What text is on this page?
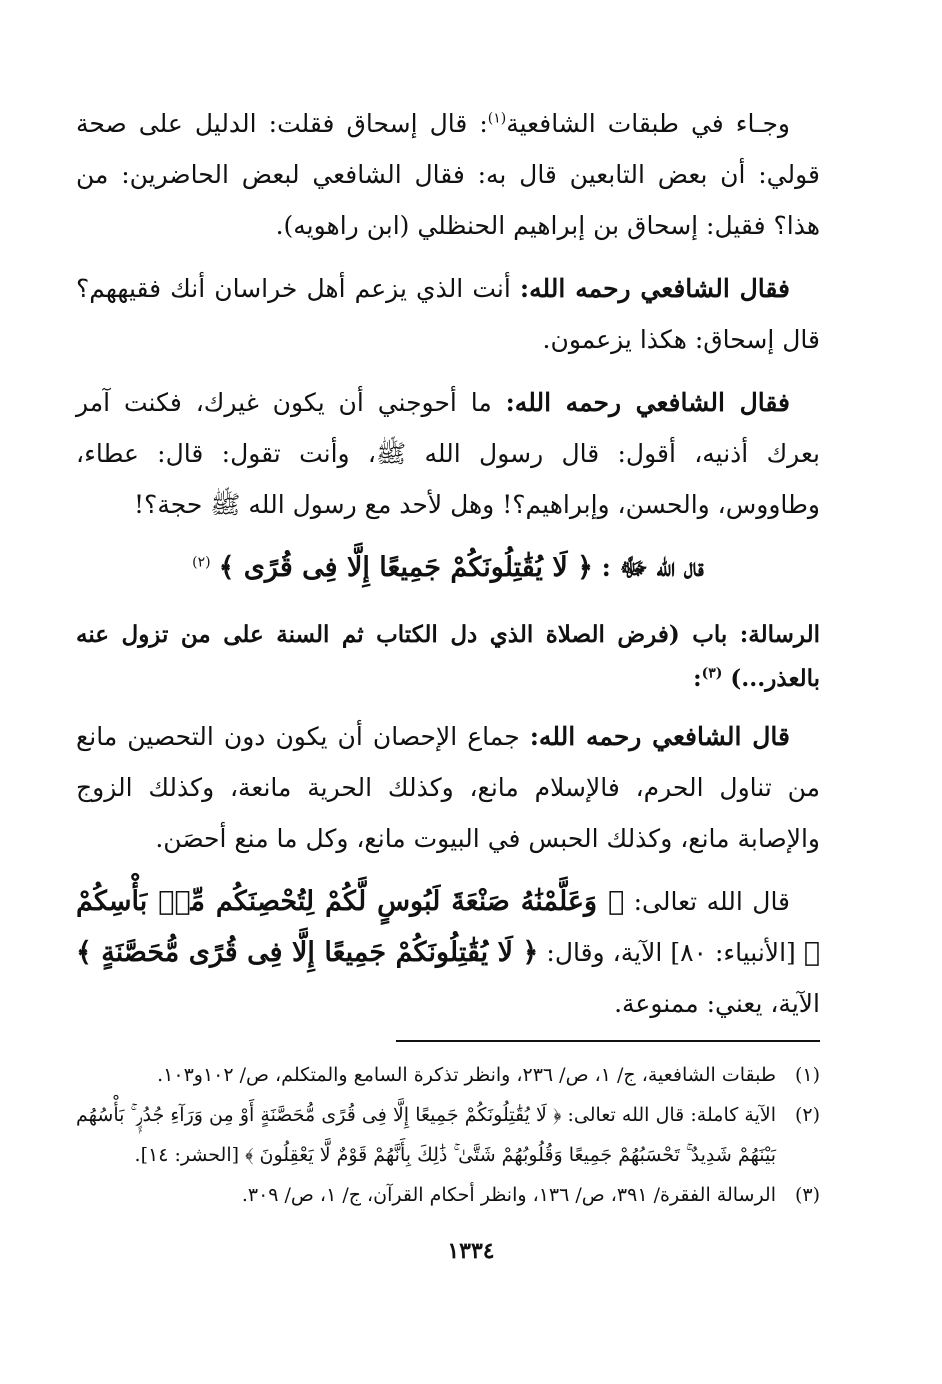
وجـاء في طبقات الشافعية$^{(١)}$: قال إسحاق فقلت: الدليل على صحة قولي: أن بعض التابعين قال به: فقال الشافعي لبعض الحاضرين: من هذا؟ فقيل: إسحاق بن إبراهيم الحنظلي (ابن راهويه).

فقال الشافعي رحمه الله: أنت الذي يزعم أهل خراسان أنك فقيههم؟ قال إسحاق: هكذا يزعمون.

فقال الشافعي رحمه الله: ما أحوجني أن يكون غيرك، فكنت آمر بعرك أذنيه، أقول: قال رسول الله ﷺ، وأنت تقول: قال: عطاء، وطاووس، والحسن، وإبراهيم؟! وهل لأحد مع رسول الله ﷺ حجة؟!

قال الله ﷻ : ﴿ لَا يُقَٰتِلُونَكُمْ جَمِيعًا إِلَّا فِى قُرًى ﴾ $^{(٢)}$

الرسالة: باب (فرض الصلاة الذي دل الكتاب ثم السنة على من تزول عنه بالعذر...) $^{(٣)}$:

قال الشافعي رحمه الله: جماع الإحصان أن يكون دون التحصين مانع من تناول الحرم، فالإسلام مانع، وكذلك الحرية مانعة، وكذلك الزوج والإصابة مانع، وكذلك الحبس في البيوت مانع، وكل ما منع أحصَن.

قال الله تعالى: ﴿ وَعَلَّمْنَٰهُ صَنْعَةَ لَبُوسٍ لَّكُمْ لِتُحْصِنَكُم مِّنۢ بَأْسِكُمْ ﴾ [الأنبياء: ٨٠] الآية، وقال: ﴿ لَا يُقَٰتِلُونَكُمْ جَمِيعًا إِلَّا فِى قُرًى مُّحَصَّنَةٍ ﴾ الآية، يعني: ممنوعة.

(١)
طبقات الشافعية، ج/ ١، ص/ ٢٣٦، وانظر تذكرة السامع والمتكلم، ص/ ١٠٢و١٠٣.
(٢)
الآية كاملة: قال الله تعالى: ﴿ لَا يُقَٰتِلُونَكُمْ جَمِيعًا إِلَّا فِى قُرًى مُّحَصَّنَةٍ أَوْ مِن وَرَآءِ جُدُرٍۭ ۚ بَأْسُهُم بَيْنَهُمْ شَدِيدٌ ۚ تَحْسَبُهُمْ جَمِيعًا وَقُلُوبُهُمْ شَتَّىٰ ۚ ذَٰلِكَ بِأَنَّهُمْ قَوْمٌ لَّا يَعْقِلُونَ ﴾ [الحشر: ١٤].
(٣)
الرسالة الفقرة/ ٣٩١، ص/ ١٣٦، وانظر أحكام القرآن، ج/ ١، ص/ ٣٠٩.
١٣٣٤
